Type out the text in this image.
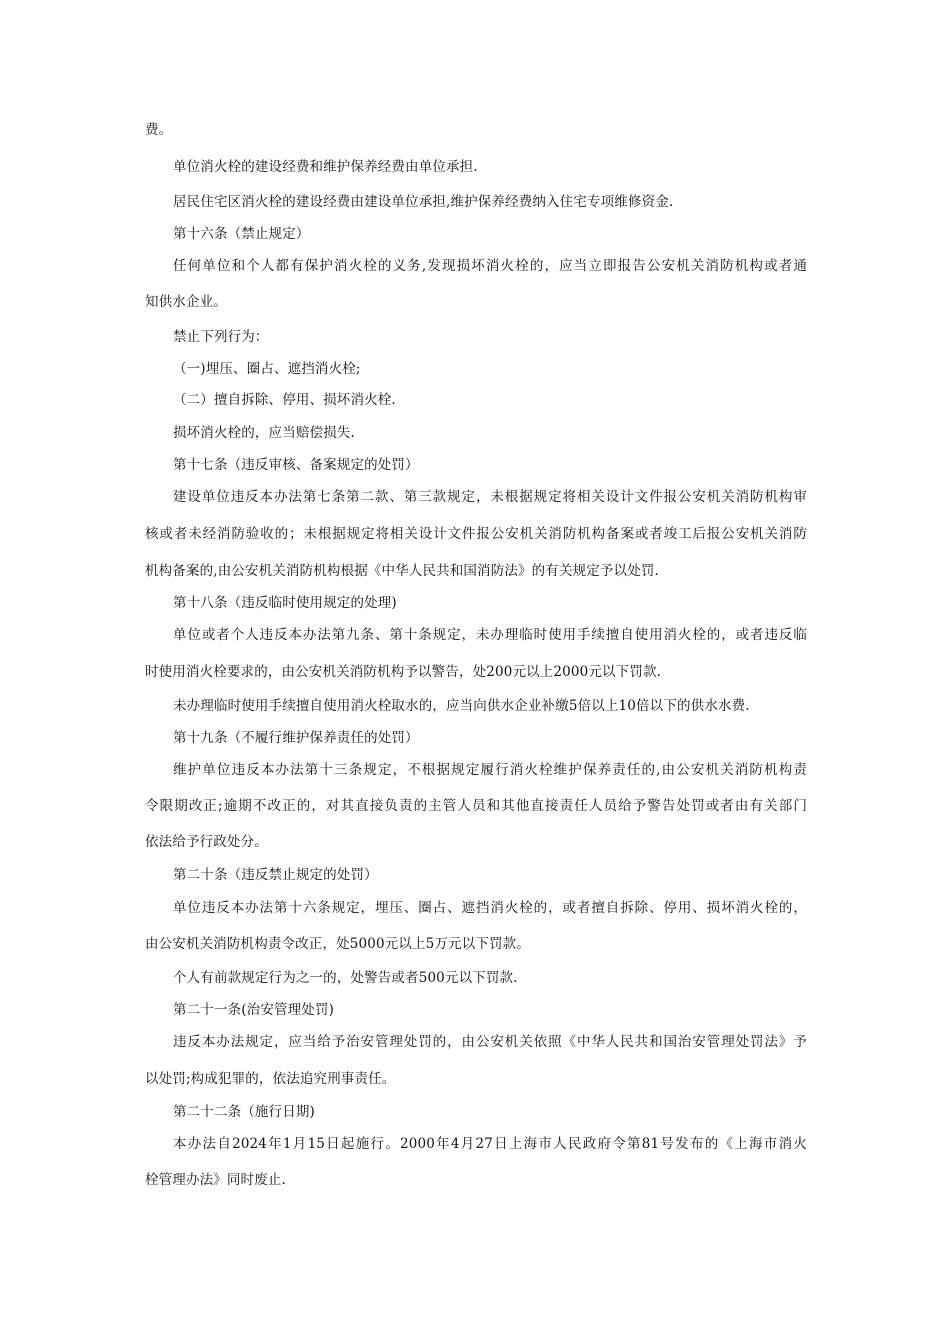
费。
单位消火栓的建设经费和维护保养经费由单位承担.
居民住宅区消火栓的建设经费由建设单位承担,维护保养经费纳入住宅专项维修资金.
第十六条（禁止规定）
任何单位和个人都有保护消火栓的义务,发现损坏消火栓的，应当立即报告公安机关消防机构或者通
知供水企业。
禁止下列行为：
（一)埋压、圈占、遮挡消火栓;
（二）擅自拆除、停用、损坏消火栓.
损坏消火栓的，应当赔偿损失.
第十七条（违反审核、备案规定的处罚）
建设单位违反本办法第七条第二款、第三款规定，未根据规定将相关设计文件报公安机关消防机构审
核或者未经消防验收的；未根据规定将相关设计文件报公安机关消防机构备案或者竣工后报公安机关消防
机构备案的,由公安机关消防机构根据《中华人民共和国消防法》的有关规定予以处罚.
第十八条（违反临时使用规定的处理)
单位或者个人违反本办法第九条、第十条规定，未办理临时使用手续擅自使用消火栓的，或者违反临
时使用消火栓要求的，由公安机关消防机构予以警告，处200元以上2000元以下罚款.
未办理临时使用手续擅自使用消火栓取水的，应当向供水企业补缴5倍以上10倍以下的供水水费.
第十九条（不履行维护保养责任的处罚）
维护单位违反本办法第十三条规定，不根据规定履行消火栓维护保养责任的,由公安机关消防机构责
令限期改正;逾期不改正的，对其直接负责的主管人员和其他直接责任人员给予警告处罚或者由有关部门
依法给予行政处分。
第二十条（违反禁止规定的处罚）
单位违反本办法第十六条规定，埋压、圈占、遮挡消火栓的，或者擅自拆除、停用、损坏消火栓的，
由公安机关消防机构责令改正，处5000元以上5万元以下罚款。
个人有前款规定行为之一的，处警告或者500元以下罚款.
第二十一条(治安管理处罚)
违反本办法规定，应当给予治安管理处罚的，由公安机关依照《中华人民共和国治安管理处罚法》予
以处罚;构成犯罪的，依法追究刑事责任。
第二十二条（施行日期)
本办法自2024年1月15日起施行。2000年4月27日上海市人民政府令第81号发布的《上海市消火
栓管理办法》同时废止.
